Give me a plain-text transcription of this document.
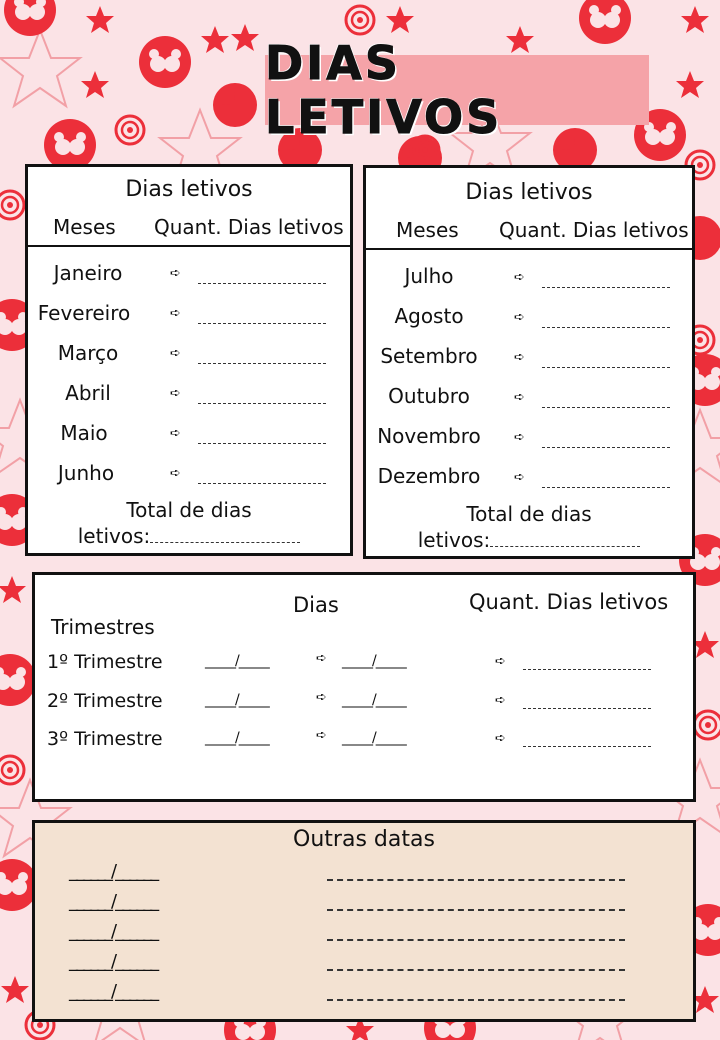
DIAS LETIVOS
Dias letivos
Meses Quant. Dias letivos
Janeiro	➪
Fevereiro	➪
Março	➪
Abril	➪
Maio	➪
Junho	➪
Total de dias
letivos:
Dias letivos
Meses Quant. Dias letivos
Julho	➪
Agosto	➪
Setembro	➪
Outubro	➪
Novembro	➪
Dezembro	➪
Total de dias
letivos:
Dias	Quant. Dias letivos
Trimestres
1º Trimestre	_____/_____	➪ _____/_____	➪
2º Trimestre	_____/_____	➪ _____/_____	➪
3º Trimestre	_____/_____	➪ _____/_____	➪
Outras datas
______/______
______/______
______/______
______/______
______/______
